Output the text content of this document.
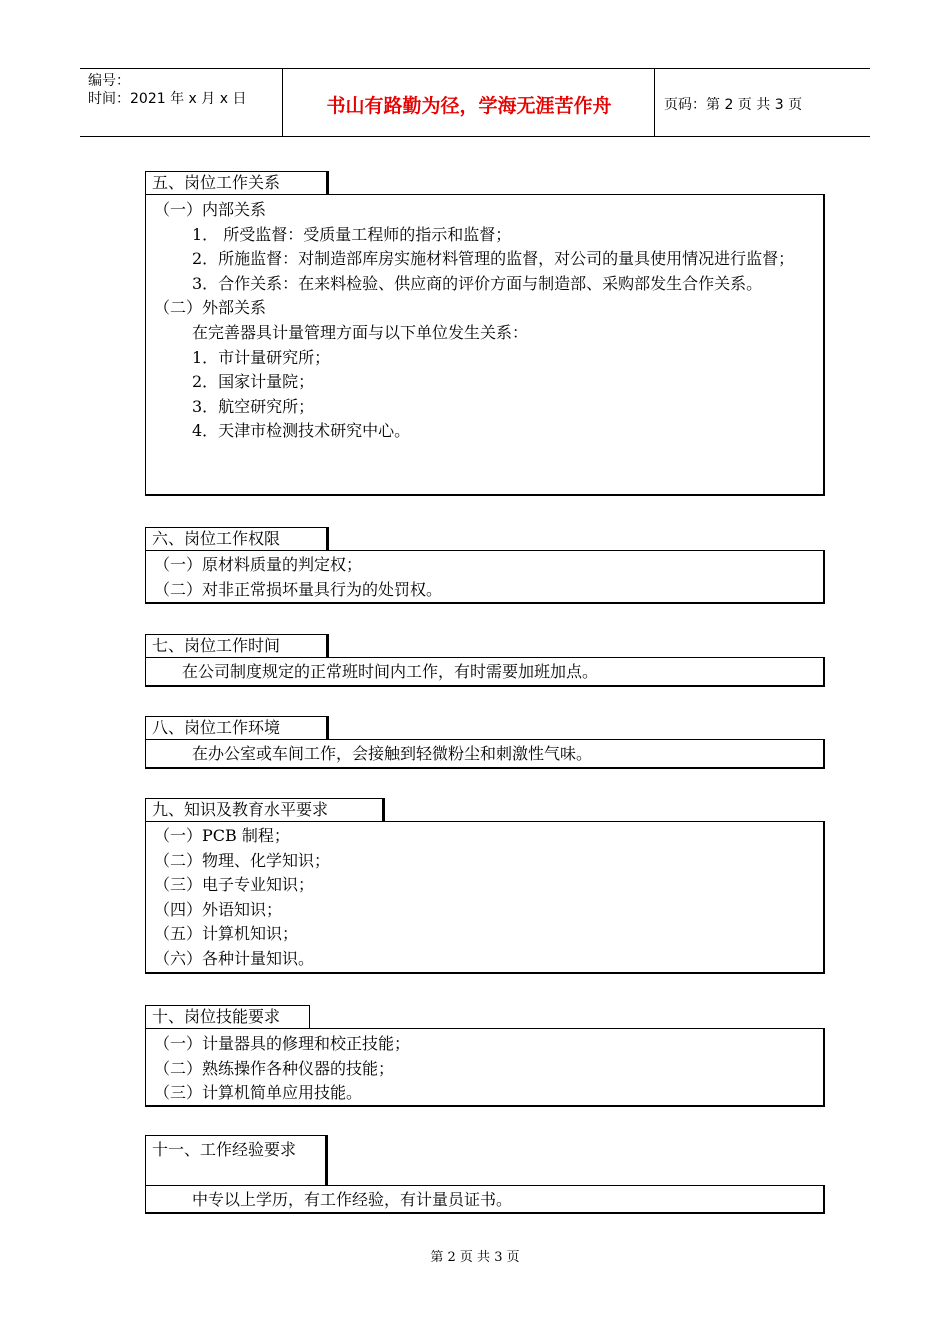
编号：
时间：2021 年 x 月 x 日	书山有路勤为径，学海无涯苦作舟	页码：第 2 页 共 3 页
五、岗位工作关系

（一）内部关系

1． 所受监督：受质量工程师的指示和监督；

2．所施监督：对制造部库房实施材料管理的监督，对公司的量具使用情况进行监督；

3．合作关系：在来料检验、供应商的评价方面与制造部、采购部发生合作关系。

（二）外部关系

在完善器具计量管理方面与以下单位发生关系：

1．市计量研究所；

2．国家计量院；

3．航空研究所；

4．天津市检测技术研究中心。

六、岗位工作权限

（一）原材料质量的判定权；

（二）对非正常损坏量具行为的处罚权。

七、岗位工作时间

在公司制度规定的正常班时间内工作，有时需要加班加点。

八、岗位工作环境

在办公室或车间工作，会接触到轻微粉尘和刺激性气味。

九、知识及教育水平要求

（一）PCB 制程；

（二）物理、化学知识；

（三）电子专业知识；

（四）外语知识；

（五）计算机知识；

（六）各种计量知识。

十、岗位技能要求

（一）计量器具的修理和校正技能；

（二）熟练操作各种仪器的技能；

（三）计算机简单应用技能。

十一、工作经验要求

中专以上学历，有工作经验，有计量员证书。

第 2 页 共 3 页
